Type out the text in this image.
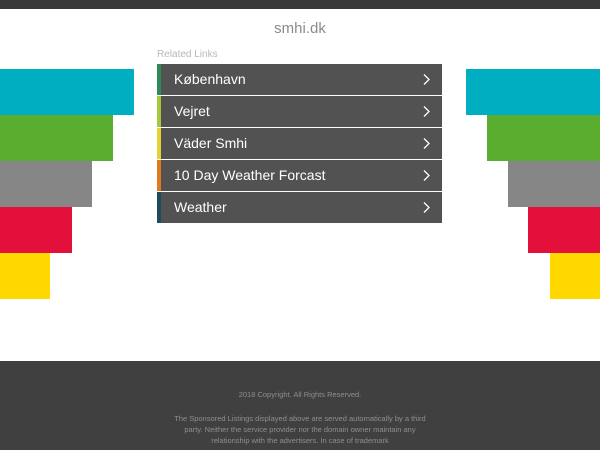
smhi.dk
Related Links
København
Vejret
Väder Smhi
10 Day Weather Forcast
Weather
2018 Copyright. All Rights Reserved.
The Sponsored Listings displayed above are served automatically by a third party. Neither the service provider nor the domain owner maintain any relationship with the advertisers. In case of trademark
